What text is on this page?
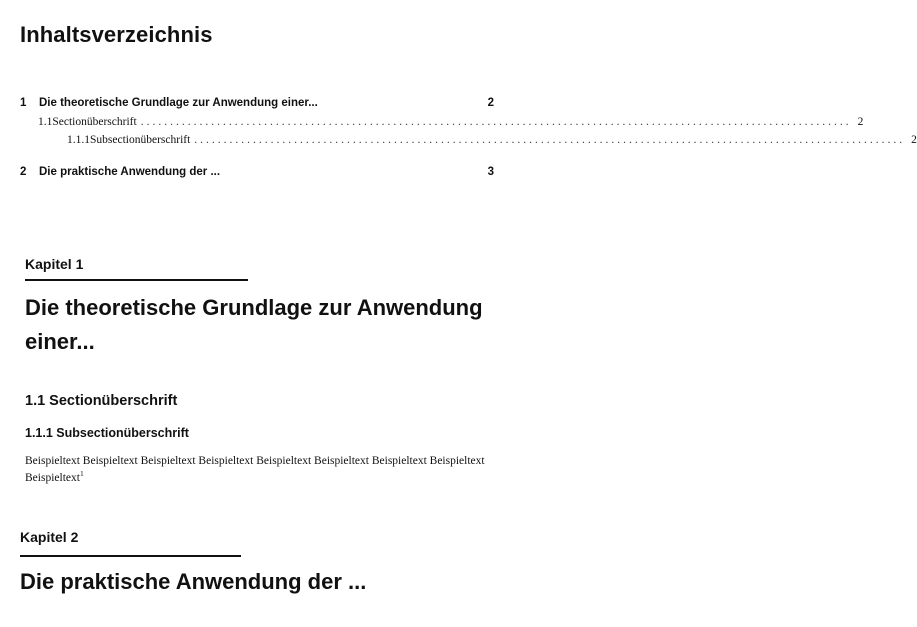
Inhaltsverzeichnis
1	Die theoretische Grundlage zur Anwendung einer...	2
1.1 Sectionüberschrift ......................................................................................................................... 2
1.1.1 Subsectionüberschrift ......................................................................................................................... 2
2	Die praktische Anwendung der ...	3
Kapitel 1
Die theoretische Grundlage zur Anwendung einer...
1.1 Sectionüberschrift
1.1.1 Subsectionüberschrift

Beispieltext Beispieltext Beispieltext Beispieltext Beispieltext Beispieltext Beispieltext Beispieltext Beispieltext$^1$

Kapitel 2
Die praktische Anwendung der ...
